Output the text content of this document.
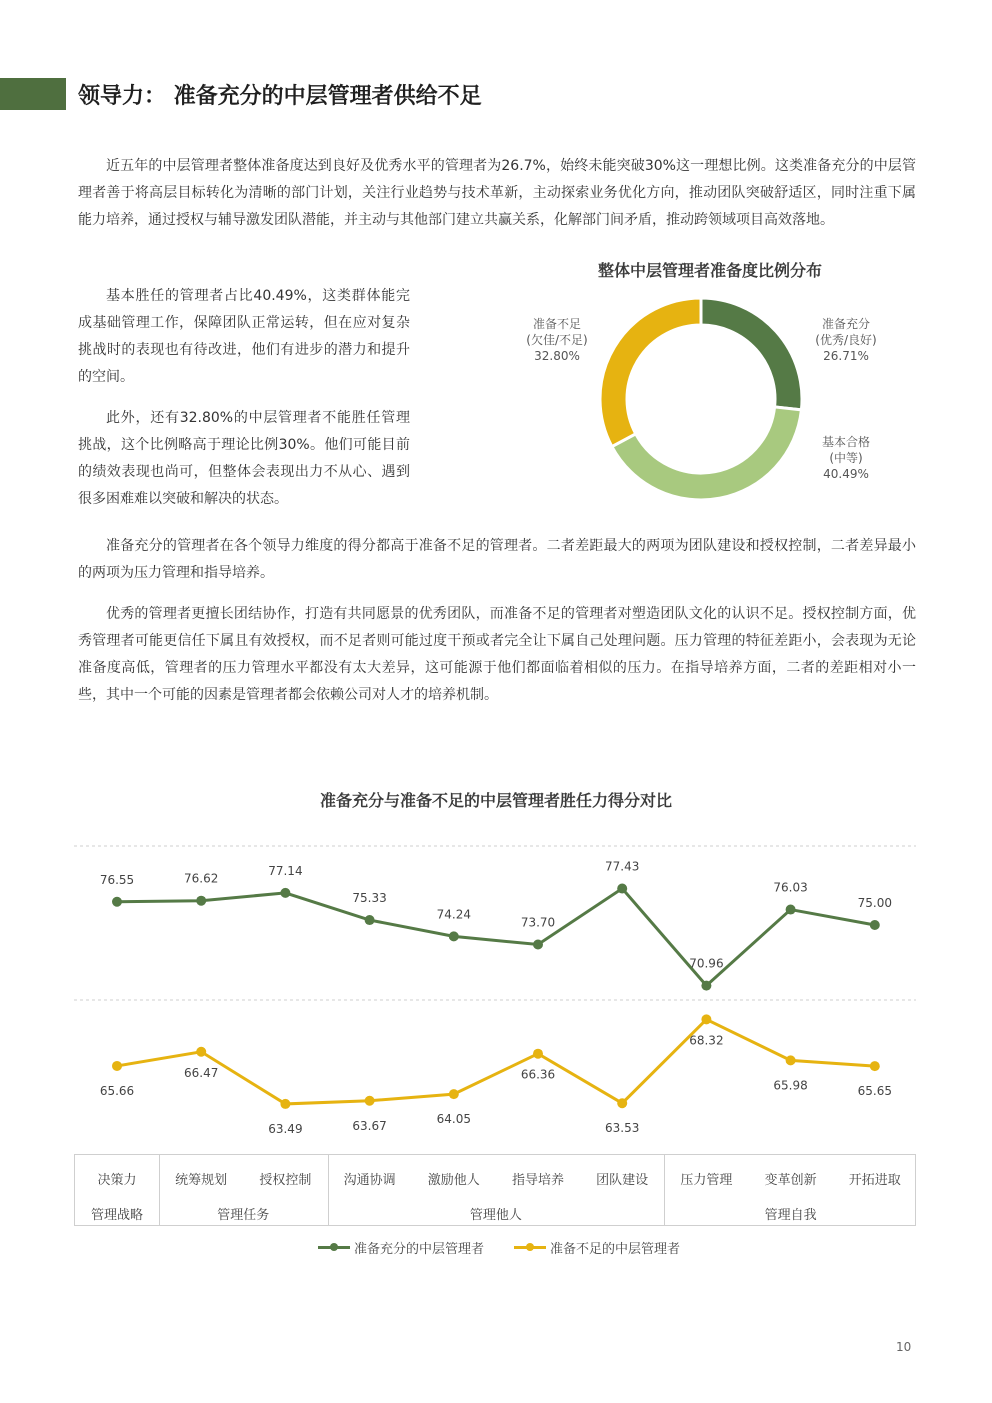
领导力： 准备充分的中层管理者供给不足

近五年的中层管理者整体准备度达到良好及优秀水平的管理者为26.7%，始终未能突破30%这一理想比例。这类准备充分的中层管理者善于将高层目标转化为清晰的部门计划，关注行业趋势与技术革新，主动探索业务优化方向，推动团队突破舒适区，同时注重下属能力培养，通过授权与辅导激发团队潜能，并主动与其他部门建立共赢关系，化解部门间矛盾，推动跨领域项目高效落地。

基本胜任的管理者占比40.49%，这类群体能完成基础管理工作，保障团队正常运转，但在应对复杂挑战时的表现也有待改进，他们有进步的潜力和提升的空间。

此外，还有32.80%的中层管理者不能胜任管理挑战，这个比例略高于理论比例30%。他们可能目前的绩效表现也尚可，但整体会表现出力不从心、遇到很多困难难以突破和解决的状态。

整体中层管理者准备度比例分布
准备充分
(优秀/良好)
26.71%
基本合格
(中等)
40.49%
准备不足
(欠佳/不足)
32.80%

准备充分的管理者在各个领导力维度的得分都高于准备不足的管理者。二者差距最大的两项为团队建设和授权控制，二者差异最小的两项为压力管理和指导培养。

优秀的管理者更擅长团结协作，打造有共同愿景的优秀团队，而准备不足的管理者对塑造团队文化的认识不足。授权控制方面，优秀管理者可能更信任下属且有效授权，而不足者则可能过度干预或者完全让下属自己处理问题。压力管理的特征差距小，会表现为无论准备度高低，管理者的压力管理水平都没有太大差异，这可能源于他们都面临着相似的压力。在指导培养方面，二者的差距相对小一些，其中一个可能的因素是管理者都会依赖公司对人才的培养机制。

准备充分与准备不足的中层管理者胜任力得分对比
76.55	76.62
77.14
75.33
74.24
73.70
77.43
70.96
76.03
75.00
65.66
66.47
63.49	63.67	64.05
66.36
63.53
68.32
65.98	65.65
决策力	统筹规划	授权控制	沟通协调	激励他人	指导培养	团队建设	压力管理	变革创新	开拓进取
管理战略	管理任务	管理他人	管理自我
准备充分的中层管理者	准备不足的中层管理者
10
